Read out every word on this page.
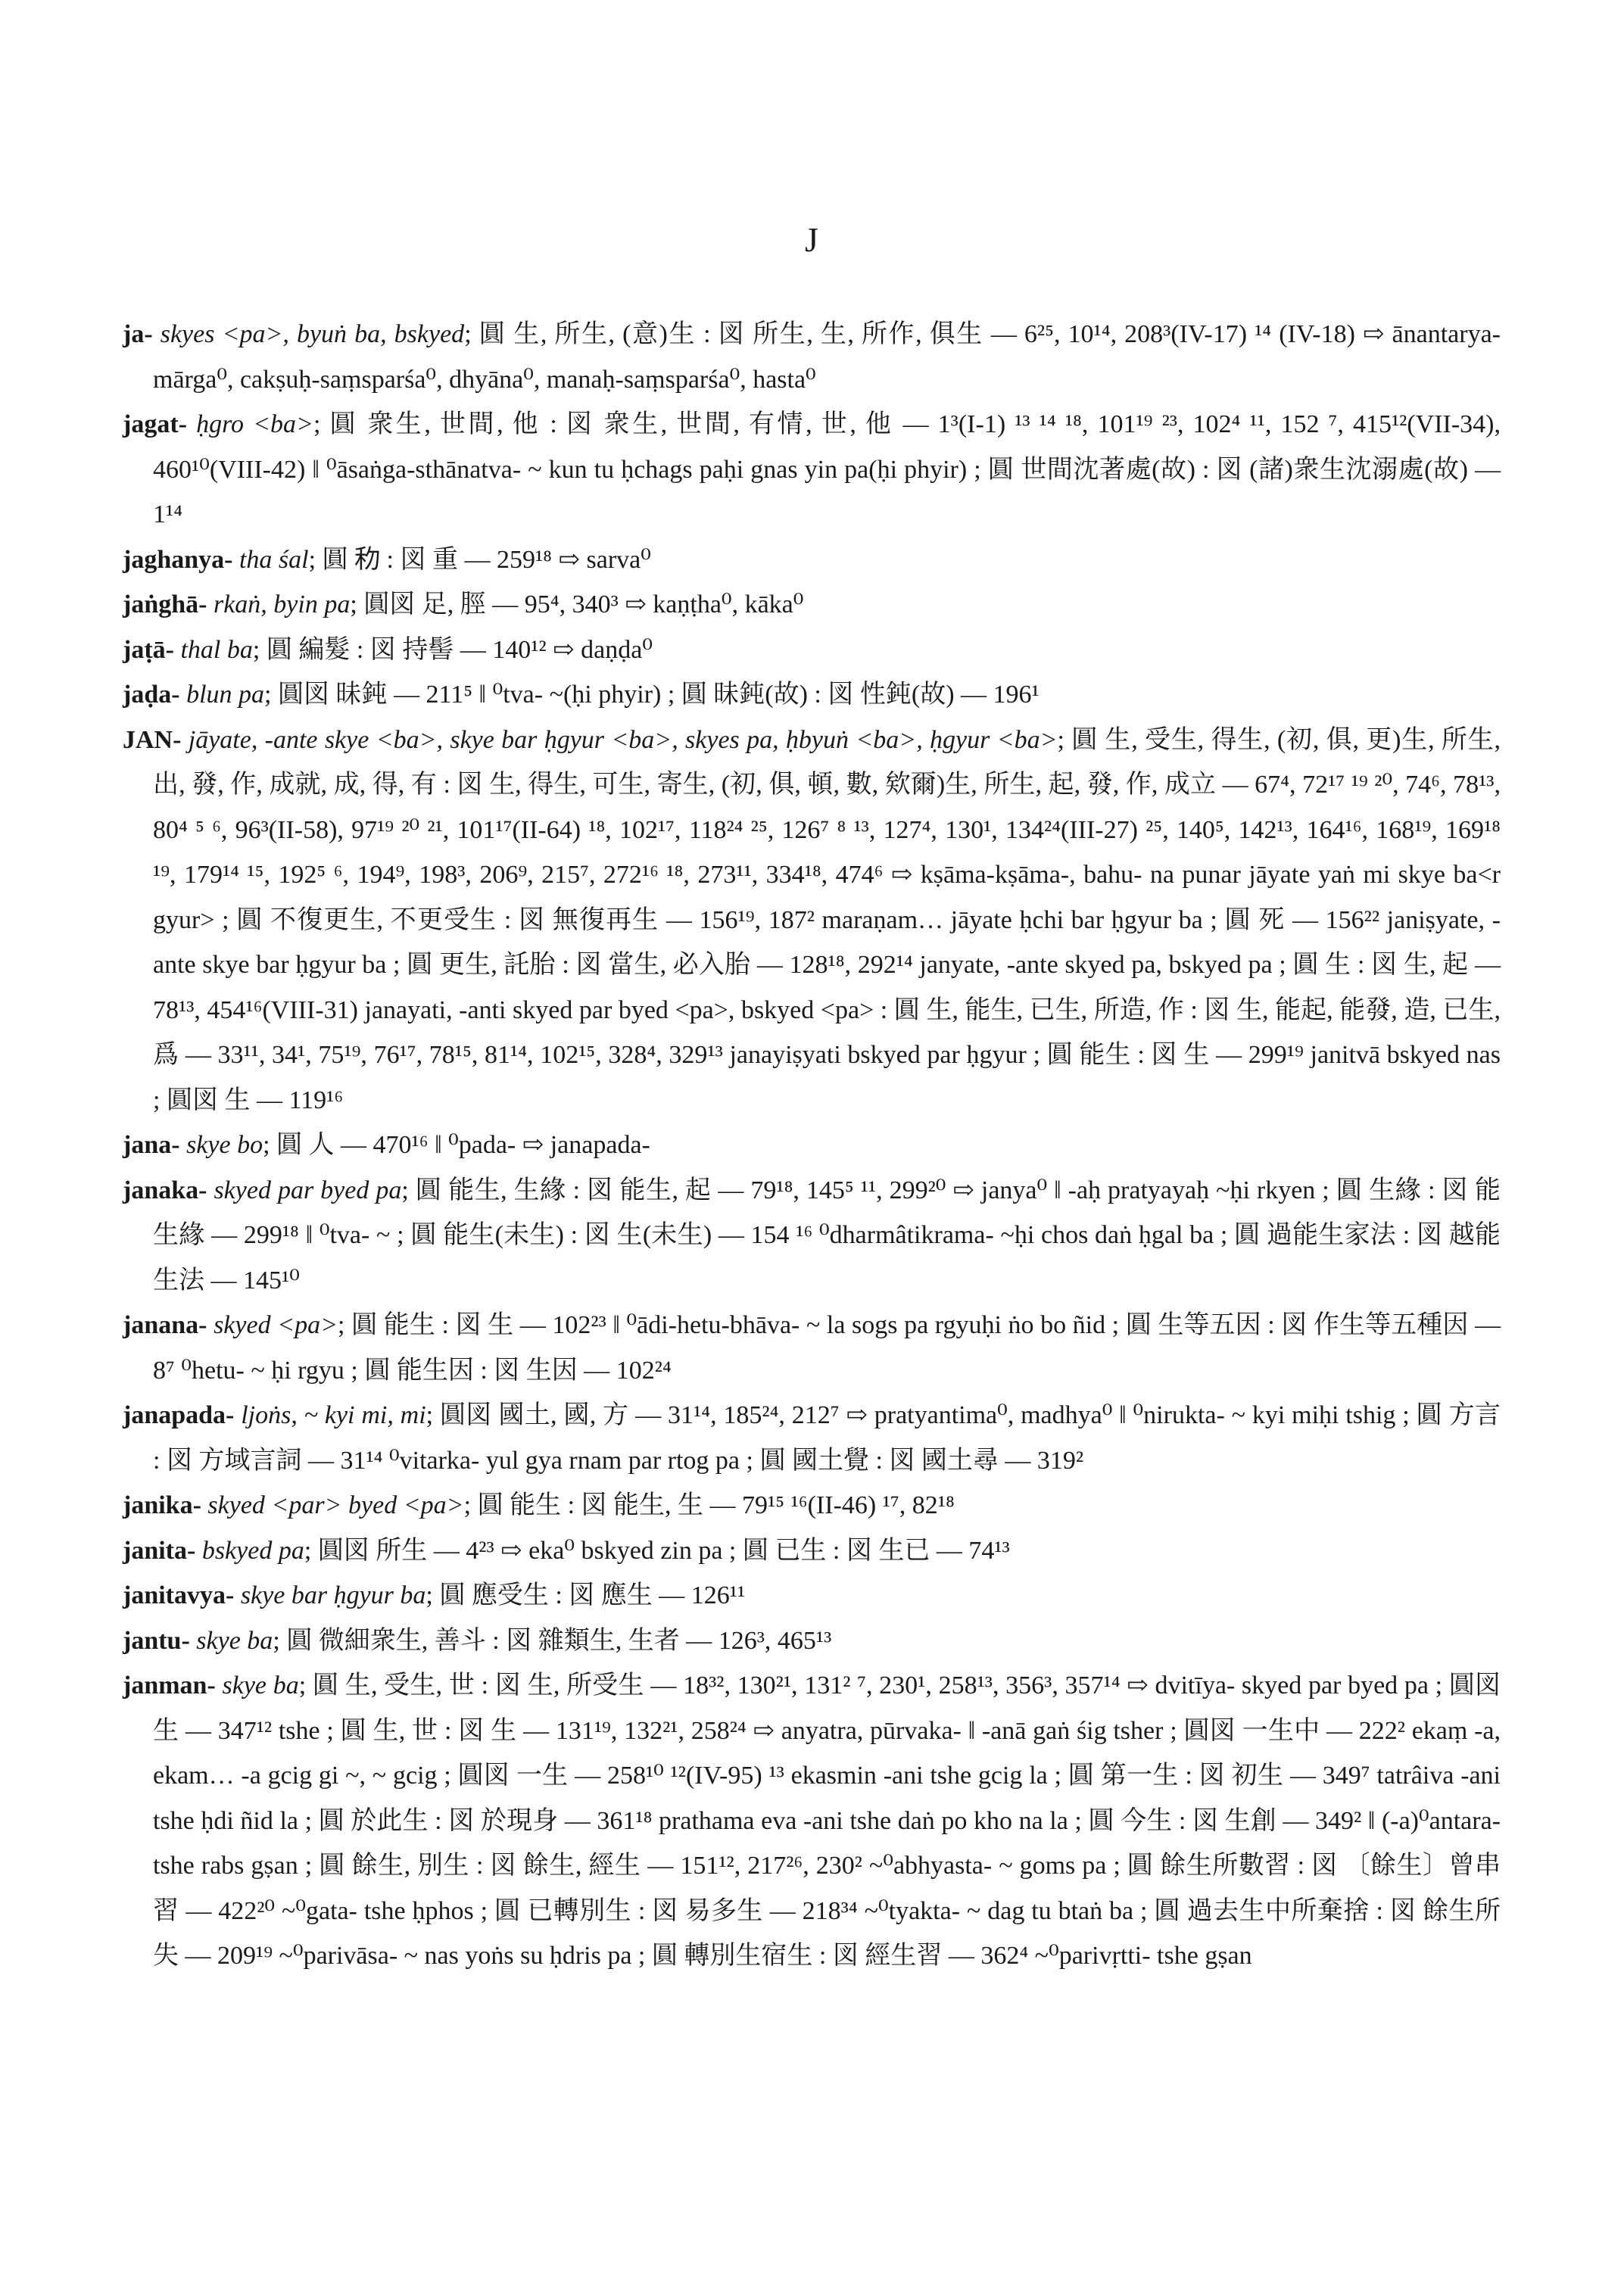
J

ja- skyes <pa>, byuṅ ba, bskyed; 圓 生, 所生, (意)生 : 図 所生, 生, 所作, 俱生 — 6²⁵, 10¹⁴, 208³(IV-17) ¹⁴ (IV-18) ⇨ ānantarya-mārga⁰, cakṣuḥ-saṃsparśa⁰, dhyāna⁰, manaḥ-saṃsparśa⁰, hasta⁰

jagat- ḥgro <ba>; 圓 衆生, 世間, 他 : 図 衆生, 世間, 有情, 世, 他 — 1³(I-1) ¹³ ¹⁴ ¹⁸, 101¹⁹ ²³, 102⁴ ¹¹, 152 ⁷, 415¹²(VII-34), 460¹⁰(VIII-42) ‖ ⁰āsaṅga-sthānatva- ~ kun tu ḥchags paḥi gnas yin pa(ḥi phyir) ; 圓 世間沈著處(故) : 図 (諸)衆生沈溺處(故) — 1¹⁴

jaghanya- tha śal; 圓 𥝢 : 図 重 — 259¹⁸ ⇨ sarva⁰

jaṅghā- rkaṅ, byin pa; 圓図 足, 脛 — 95⁴, 340³ ⇨ kaṇṭha⁰, kāka⁰

jaṭā- thal ba; 圓 編髮 : 図 持髻 — 140¹² ⇨ daṇḍa⁰

jaḍa- blun pa; 圓図 昧鈍 — 211⁵ ‖ ⁰tva- ~(ḥi phyir) ; 圓 昧鈍(故) : 図 性鈍(故) — 196¹

JAN- jāyate, -ante skye <ba>, skye bar ḥgyur <ba>, skyes pa, ḥbyuṅ <ba>, ḥgyur <ba>; 圓 生, 受生, 得生, (初, 俱, 更)生, 所生, 出, 發, 作, 成就, 成, 得, 有 : 図 生, 得生, 可生, 寄生, (初, 俱, 頓, 數, 欸爾)生, 所生, 起, 發, 作, 成立 — 67⁴, 72¹⁷ ¹⁹ ²⁰, 74⁶, 78¹³, 80⁴ ⁵ ⁶, 96³(II-58), 97¹⁹ ²⁰ ²¹, 101¹⁷(II-64) ¹⁸, 102¹⁷, 118²⁴ ²⁵, 126⁷ ⁸ ¹³, 127⁴, 130¹, 134²⁴(III-27) ²⁵, 140⁵, 142¹³, 164¹⁶, 168¹⁹, 169¹⁸ ¹⁹, 179¹⁴ ¹⁵, 192⁵ ⁶, 194⁹, 198³, 206⁹, 215⁷, 272¹⁶ ¹⁸, 273¹¹, 334¹⁸, 474⁶ ⇨ kṣāma-kṣāma-, bahu- na punar jāyate yaṅ mi skye ba<r gyur> ; 圓 不復更生, 不更受生 : 図 無復再生 — 156¹⁹, 187² maraṇam… jāyate ḥchi bar ḥgyur ba ; 圓 死 — 156²² janiṣyate, -ante skye bar ḥgyur ba ; 圓 更生, 託胎 : 図 當生, 必入胎 — 128¹⁸, 292¹⁴ janyate, -ante skyed pa, bskyed pa ; 圓 生 : 図 生, 起 — 78¹³, 454¹⁶(VIII-31) janayati, -anti skyed par byed <pa>, bskyed <pa> : 圓 生, 能生, 已生, 所造, 作 : 図 生, 能起, 能發, 造, 已生, 爲 — 33¹¹, 34¹, 75¹⁹, 76¹⁷, 78¹⁵, 81¹⁴, 102¹⁵, 328⁴, 329¹³ janayiṣyati bskyed par ḥgyur ; 圓 能生 : 図 生 — 299¹⁹ janitvā bskyed nas ; 圓図 生 — 119¹⁶

jana- skye bo; 圓 人 — 470¹⁶ ‖ ⁰pada- ⇨ janapada-

janaka- skyed par byed pa; 圓 能生, 生緣 : 図 能生, 起 — 79¹⁸, 145⁵ ¹¹, 299²⁰ ⇨ janya⁰ ‖ -aḥ pratyayaḥ ~ḥi rkyen ; 圓 生緣 : 図 能生緣 — 299¹⁸ ‖ ⁰tva- ~ ; 圓 能生(未生) : 図 生(未生) — 154 ¹⁶ ⁰dharmâtikrama- ~ḥi chos daṅ ḥgal ba ; 圓 過能生家法 : 図 越能生法 — 145¹⁰

janana- skyed <pa>; 圓 能生 : 図 生 — 102²³ ‖ ⁰ādi-hetu-bhāva- ~ la sogs pa rgyuḥi ṅo bo ñid ; 圓 生等五因 : 図 作生等五種因 — 8⁷ ⁰hetu- ~ ḥi rgyu ; 圓 能生因 : 図 生因 — 102²⁴

janapada- ljoṅs, ~ kyi mi, mi; 圓図 國土, 國, 方 — 31¹⁴, 185²⁴, 212⁷ ⇨ pratyantima⁰, madhya⁰ ‖ ⁰nirukta- ~ kyi miḥi tshig ; 圓 方言 : 図 方域言詞 — 31¹⁴ ⁰vitarka- yul gya rnam par rtog pa ; 圓 國土覺 : 図 國土尋 — 319²

janika- skyed <par> byed <pa>; 圓 能生 : 図 能生, 生 — 79¹⁵ ¹⁶(II-46) ¹⁷, 82¹⁸

janita- bskyed pa; 圓図 所生 — 4²³ ⇨ eka⁰ bskyed zin pa ; 圓 已生 : 図 生已 — 74¹³

janitavya- skye bar ḥgyur ba; 圓 應受生 : 図 應生 — 126¹¹

jantu- skye ba; 圓 微細衆生, 善斗 : 図 雜類生, 生者 — 126³, 465¹³

janman- skye ba; 圓 生, 受生, 世 : 図 生, 所受生 — 18³², 130²¹, 131² ⁷, 230¹, 258¹³, 356³, 357¹⁴ ⇨ dvitīya- skyed par byed pa ; 圓図 生 — 347¹² tshe ; 圓 生, 世 : 図 生 — 131¹⁹, 132²¹, 258²⁴ ⇨ anyatra, pūrvaka- ‖ -anā gaṅ śig tsher ; 圓図 一生中 — 222² ekaṃ -a, ekam… -a gcig gi ~, ~ gcig ; 圓図 一生 — 258¹⁰ ¹²(IV-95) ¹³ ekasmin -ani tshe gcig la ; 圓 第一生 : 図 初生 — 349⁷ tatrâiva -ani tshe ḥdi ñid la ; 圓 於此生 : 図 於現身 — 361¹⁸ prathama eva -ani tshe daṅ po kho na la ; 圓 今生 : 図 生創 — 349² ‖ (-a)⁰antara- tshe rabs gṣan ; 圓 餘生, 別生 : 図 餘生, 經生 — 151¹², 217²⁶, 230² ~⁰abhyasta- ~ goms pa ; 圓 餘生所數習 : 図 〔餘生〕曾串習 — 422²⁰ ~⁰gata- tshe ḥphos ; 圓 已轉別生 : 図 易多生 — 218³⁴ ~⁰tyakta- ~ dag tu btaṅ ba ; 圓 過去生中所棄捨 : 図 餘生所失 — 209¹⁹ ~⁰parivāsa- ~ nas yoṅs su ḥdris pa ; 圓 轉別生宿生 : 図 經生習 — 362⁴ ~⁰parivṛtti- tshe gṣan
